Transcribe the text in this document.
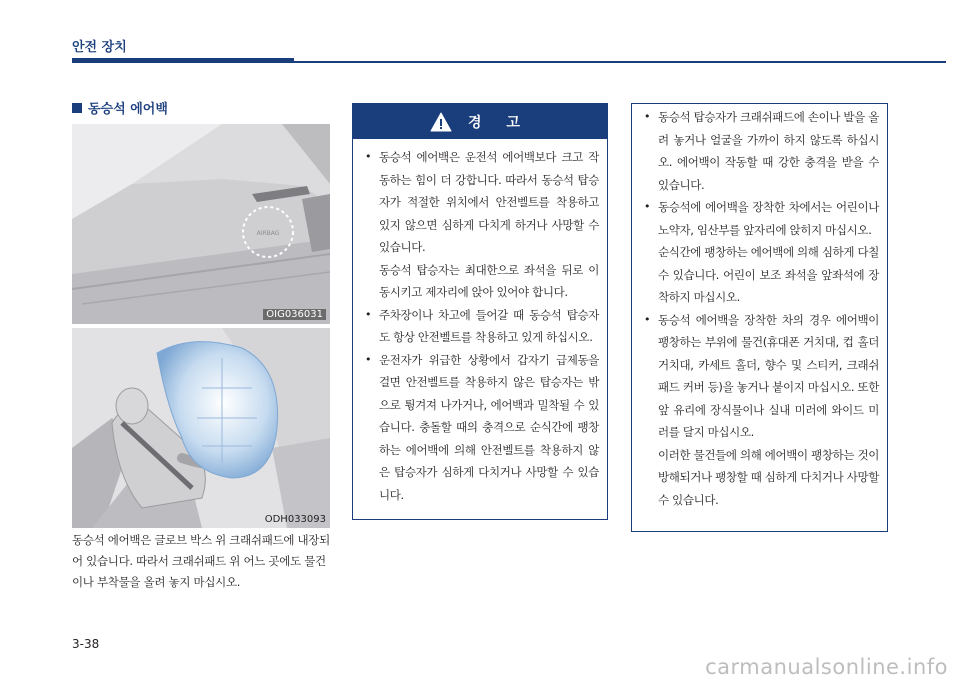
안전 장치
동승석 에어백
AIRBAG
OIG036031
ODH033093
동승석 에어백은 글로브 박스 위 크래쉬패드에 내장되어 있습니다. 따라서 크래쉬패드 위 어느 곳에도 물건이나 부착물을 올려 놓지 마십시오.
경 고
• 동승석 에어백은 운전석 에어백보다 크고 작동하는 힘이 더 강합니다. 따라서 동승석 탑승자가 적절한 위치에서 안전벨트를 착용하고 있지 않으면 심하게 다치게 하거나 사망할 수 있습니다.
동승석 탑승자는 최대한으로 좌석을 뒤로 이동시키고 제자리에 앉아 있어야 합니다.
• 주차장이나 차고에 들어갈 때 동승석 탑승자도 항상 안전벨트를 착용하고 있게 하십시오.
• 운전자가 위급한 상황에서 갑자기 급제동을 걸면 안전벨트를 착용하지 않은 탑승자는 밖으로 튕겨져 나가거나, 에어백과 밀착될 수 있습니다. 충돌할 때의 충격으로 순식간에 팽창하는 에어백에 의해 안전벨트를 착용하지 않은 탑승자가 심하게 다치거나 사망할 수 있습니다.
• 동승석 탑승자가 크래쉬패드에 손이나 발을 올려 놓거나 얼굴을 가까이 하지 않도록 하십시오. 에어백이 작동할 때 강한 충격을 받을 수 있습니다.
• 동승석에 에어백을 장착한 차에서는 어린이나 노약자, 임산부를 앞자리에 앉히지 마십시오.
순식간에 팽창하는 에어백에 의해 심하게 다칠 수 있습니다. 어린이 보조 좌석을 앞좌석에 장착하지 마십시오.
• 동승석 에어백을 장착한 차의 경우 에어백이 팽창하는 부위에 물건(휴대폰 거치대, 컵 홀더 거치대, 카세트 홀더, 향수 및 스티커, 크래쉬패드 커버 등)을 놓거나 붙이지 마십시오. 또한 앞 유리에 장식물이나 실내 미러에 와이드 미러를 달지 마십시오.
이러한 물건들에 의해 에어백이 팽창하는 것이 방해되거나 팽창할 때 심하게 다치거나 사망할 수 있습니다.
3-38
carmanualsonline.info
